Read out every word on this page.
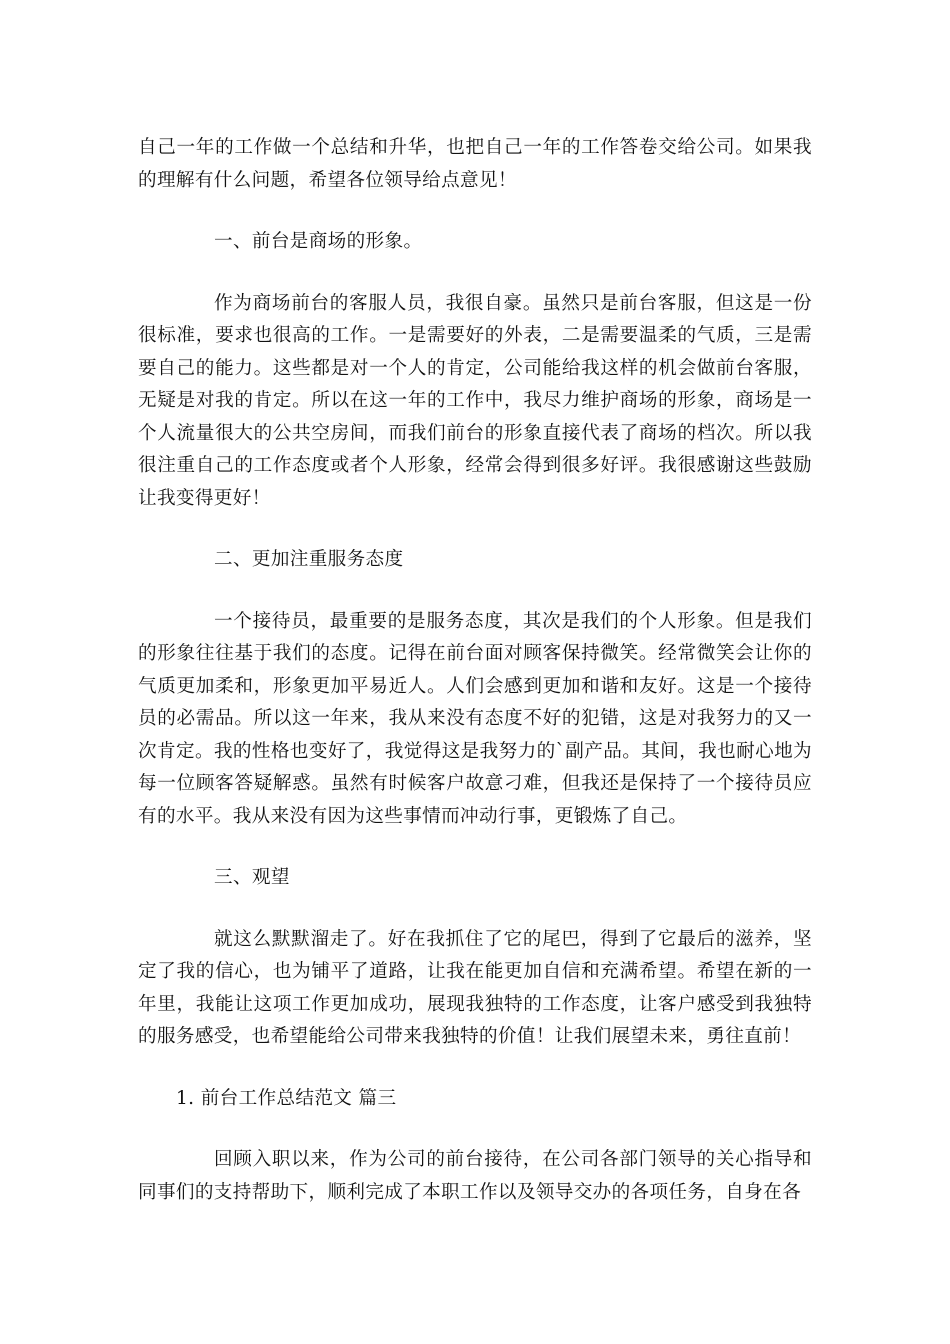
自己一年的工作做一个总结和升华，也把自己一年的工作答卷交给公司。如果我的理解有什么问题，希望各位领导给点意见！

一、前台是商场的形象。

作为商场前台的客服人员，我很自豪。虽然只是前台客服，但这是一份很标准，要求也很高的工作。一是需要好的外表，二是需要温柔的气质，三是需要自己的能力。这些都是对一个人的肯定，公司能给我这样的机会做前台客服，无疑是对我的肯定。所以在这一年的工作中，我尽力维护商场的形象，商场是一个人流量很大的公共空房间，而我们前台的形象直接代表了商场的档次。所以我很注重自己的工作态度或者个人形象，经常会得到很多好评。我很感谢这些鼓励让我变得更好！

二、更加注重服务态度

一个接待员，最重要的是服务态度，其次是我们的个人形象。但是我们的形象往往基于我们的态度。记得在前台面对顾客保持微笑。经常微笑会让你的气质更加柔和，形象更加平易近人。人们会感到更加和谐和友好。这是一个接待员的必需品。所以这一年来，我从来没有态度不好的犯错，这是对我努力的又一次肯定。我的性格也变好了，我觉得这是我努力的`副产品。其间，我也耐心地为每一位顾客答疑解惑。虽然有时候客户故意刁难，但我还是保持了一个接待员应有的水平。我从来没有因为这些事情而冲动行事，更锻炼了自己。

三、观望

就这么默默溜走了。好在我抓住了它的尾巴，得到了它最后的滋养，坚定了我的信心，也为铺平了道路，让我在能更加自信和充满希望。希望在新的一年里，我能让这项工作更加成功，展现我独特的工作态度，让客户感受到我独特的服务感受，也希望能给公司带来我独特的价值！让我们展望未来，勇往直前！

1. 前台工作总结范文 篇三

回顾入职以来，作为公司的前台接待，在公司各部门领导的关心指导和同事们的支持帮助下，顺利完成了本职工作以及领导交办的各项任务，自身在各
